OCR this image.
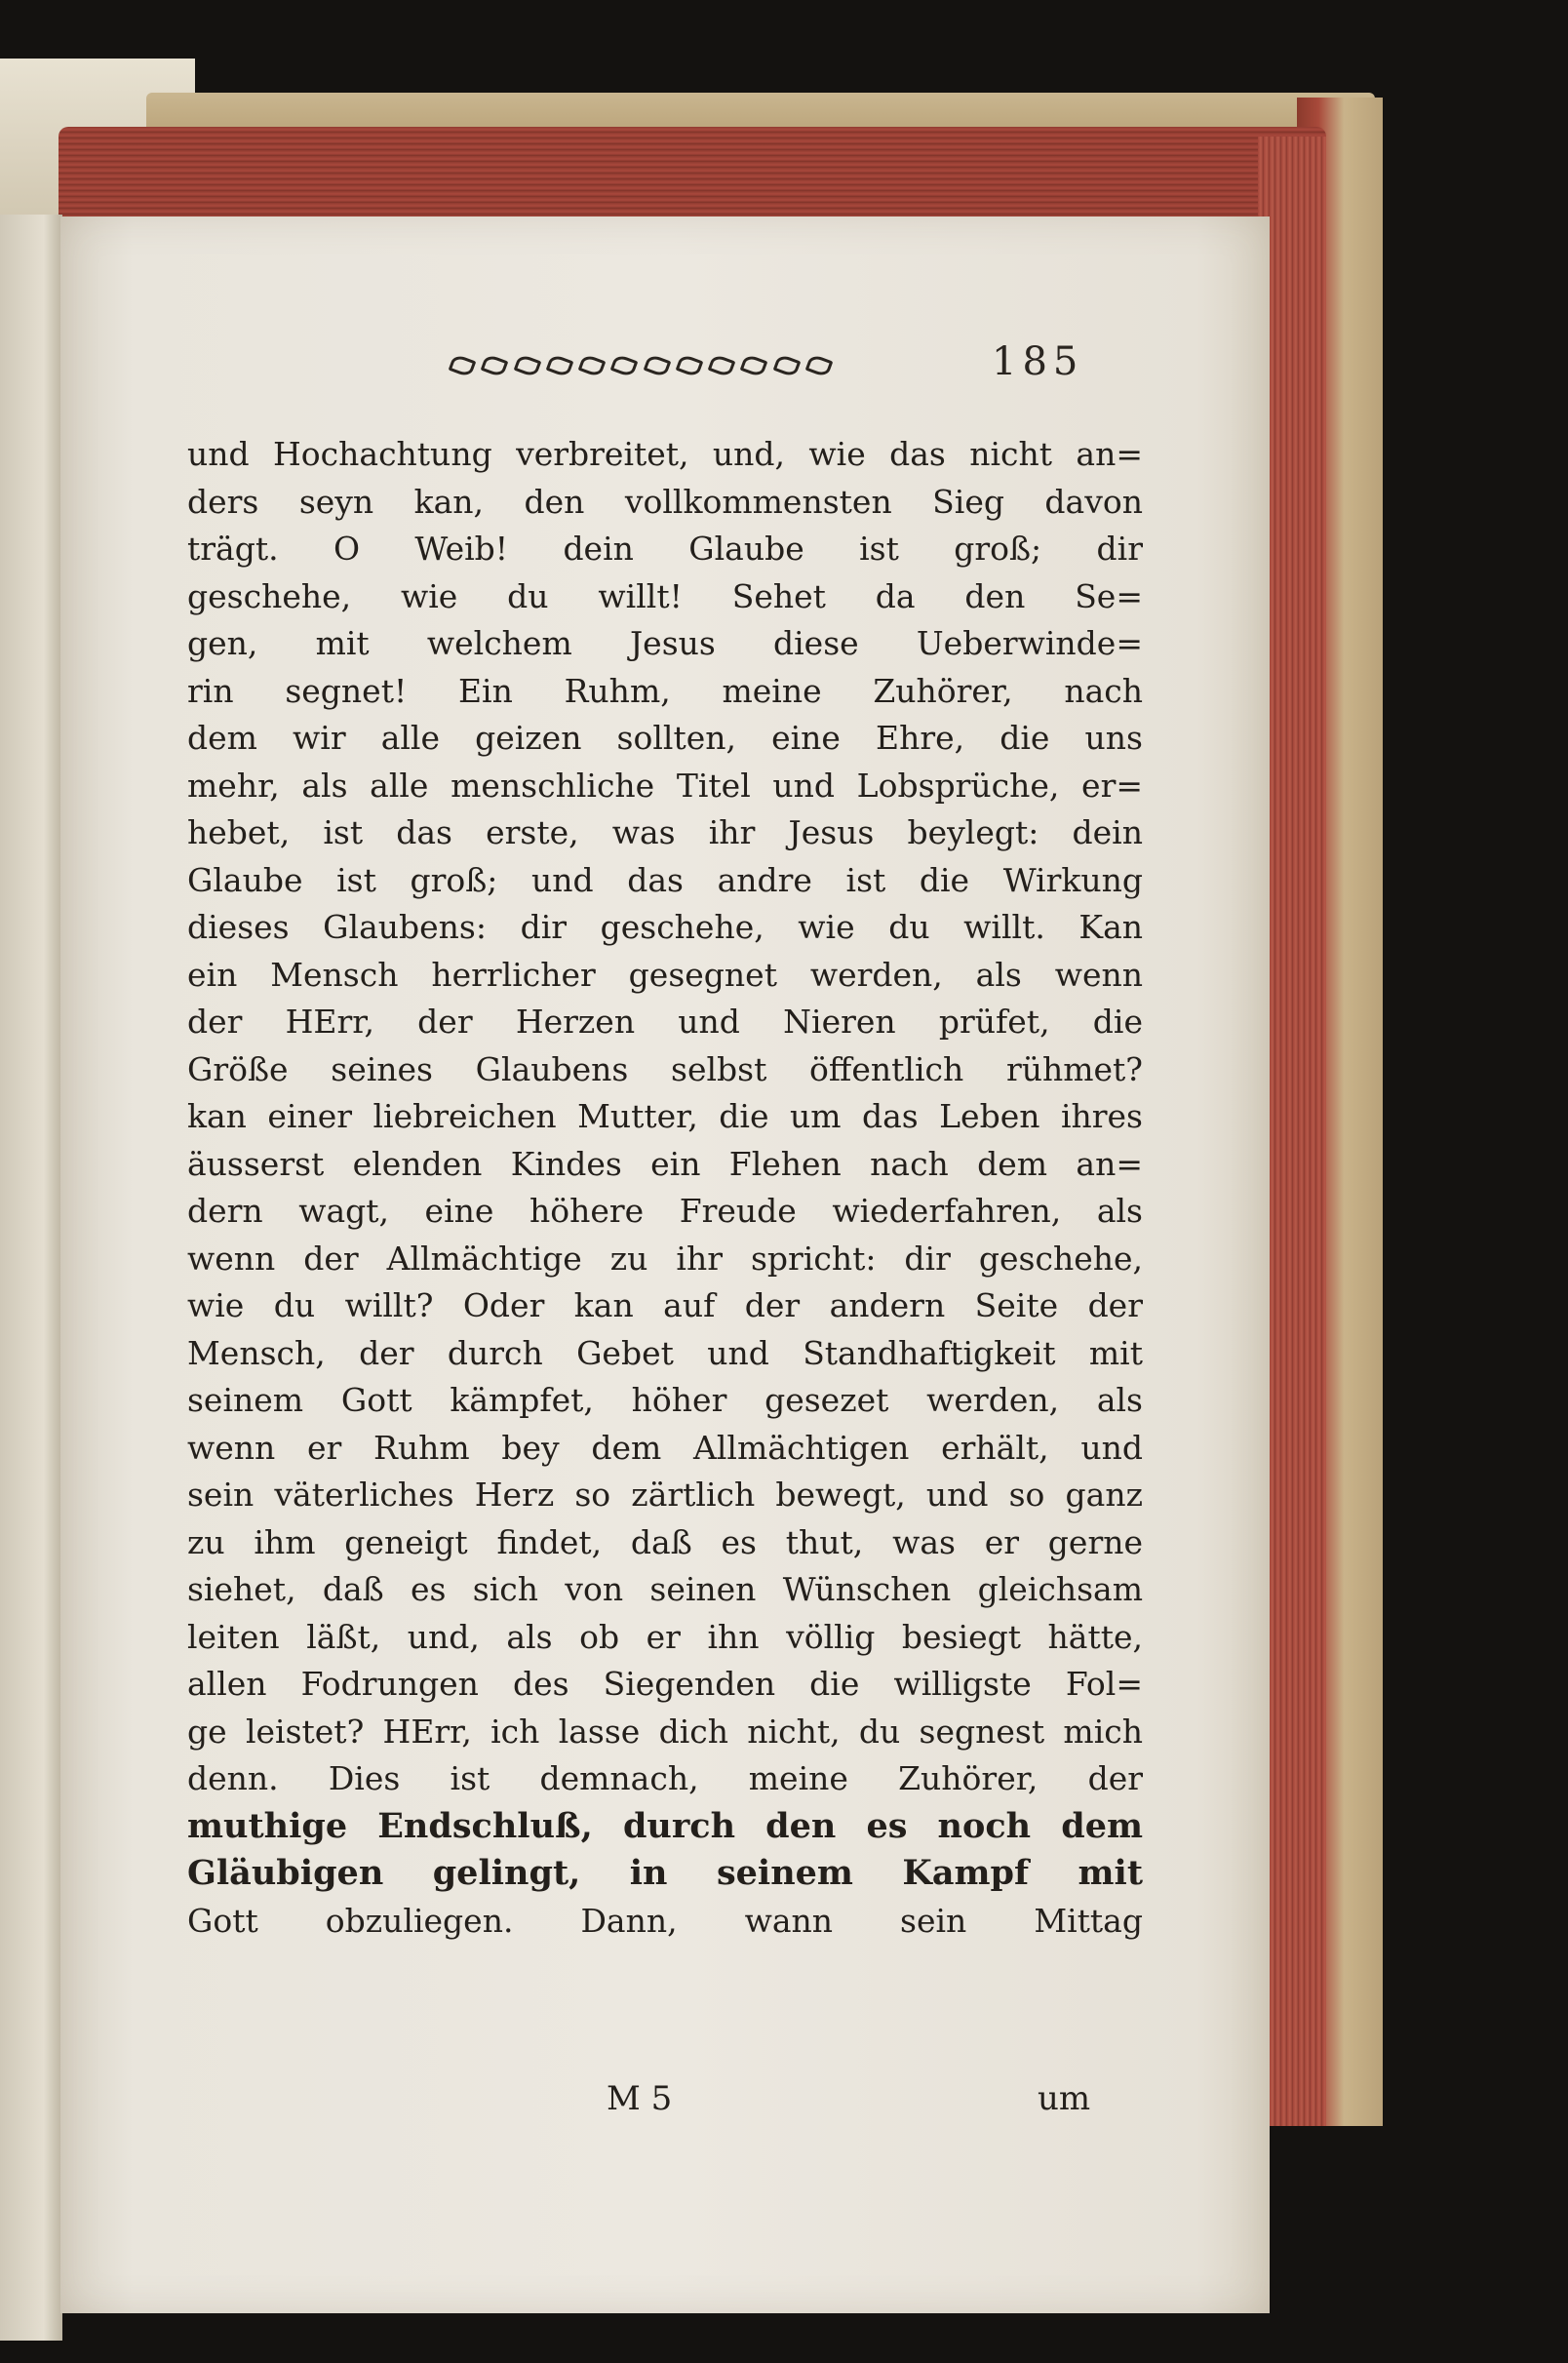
185
und Hochachtung verbreitet, und, wie das nicht an=
ders seyn kan, den vollkommensten Sieg davon
trägt. O Weib! dein Glaube ist groß; dir
geschehe, wie du willt! Sehet da den Se=
gen, mit welchem Jesus diese Ueberwinde=
rin segnet! Ein Ruhm, meine Zuhörer, nach
dem wir alle geizen sollten, eine Ehre, die uns
mehr, als alle menschliche Titel und Lobsprüche, er=
hebet, ist das erste, was ihr Jesus beylegt: dein
Glaube ist groß; und das andre ist die Wirkung
dieses Glaubens: dir geschehe, wie du willt. Kan
ein Mensch herrlicher gesegnet werden, als wenn
der HErr, der Herzen und Nieren prüfet, die
Größe seines Glaubens selbst öffentlich rühmet?
kan einer liebreichen Mutter, die um das Leben ihres
äusserst elenden Kindes ein Flehen nach dem an=
dern wagt, eine höhere Freude wiederfahren, als
wenn der Allmächtige zu ihr spricht: dir geschehe,
wie du willt? Oder kan auf der andern Seite der
Mensch, der durch Gebet und Standhaftigkeit mit
seinem Gott kämpfet, höher gesezet werden, als
wenn er Ruhm bey dem Allmächtigen erhält, und
sein väterliches Herz so zärtlich bewegt, und so ganz
zu ihm geneigt findet, daß es thut, was er gerne
siehet, daß es sich von seinen Wünschen gleichsam
leiten läßt, und, als ob er ihn völlig besiegt hätte,
allen Fodrungen des Siegenden die willigste Fol=
ge leistet? HErr, ich lasse dich nicht, du segnest mich
denn. Dies ist demnach, meine Zuhörer, der
muthige Endschluß, durch den es noch dem
Gläubigen gelingt, in seinem Kampf mit
Gott obzuliegen. Dann, wann sein Mittag
M 5	um
